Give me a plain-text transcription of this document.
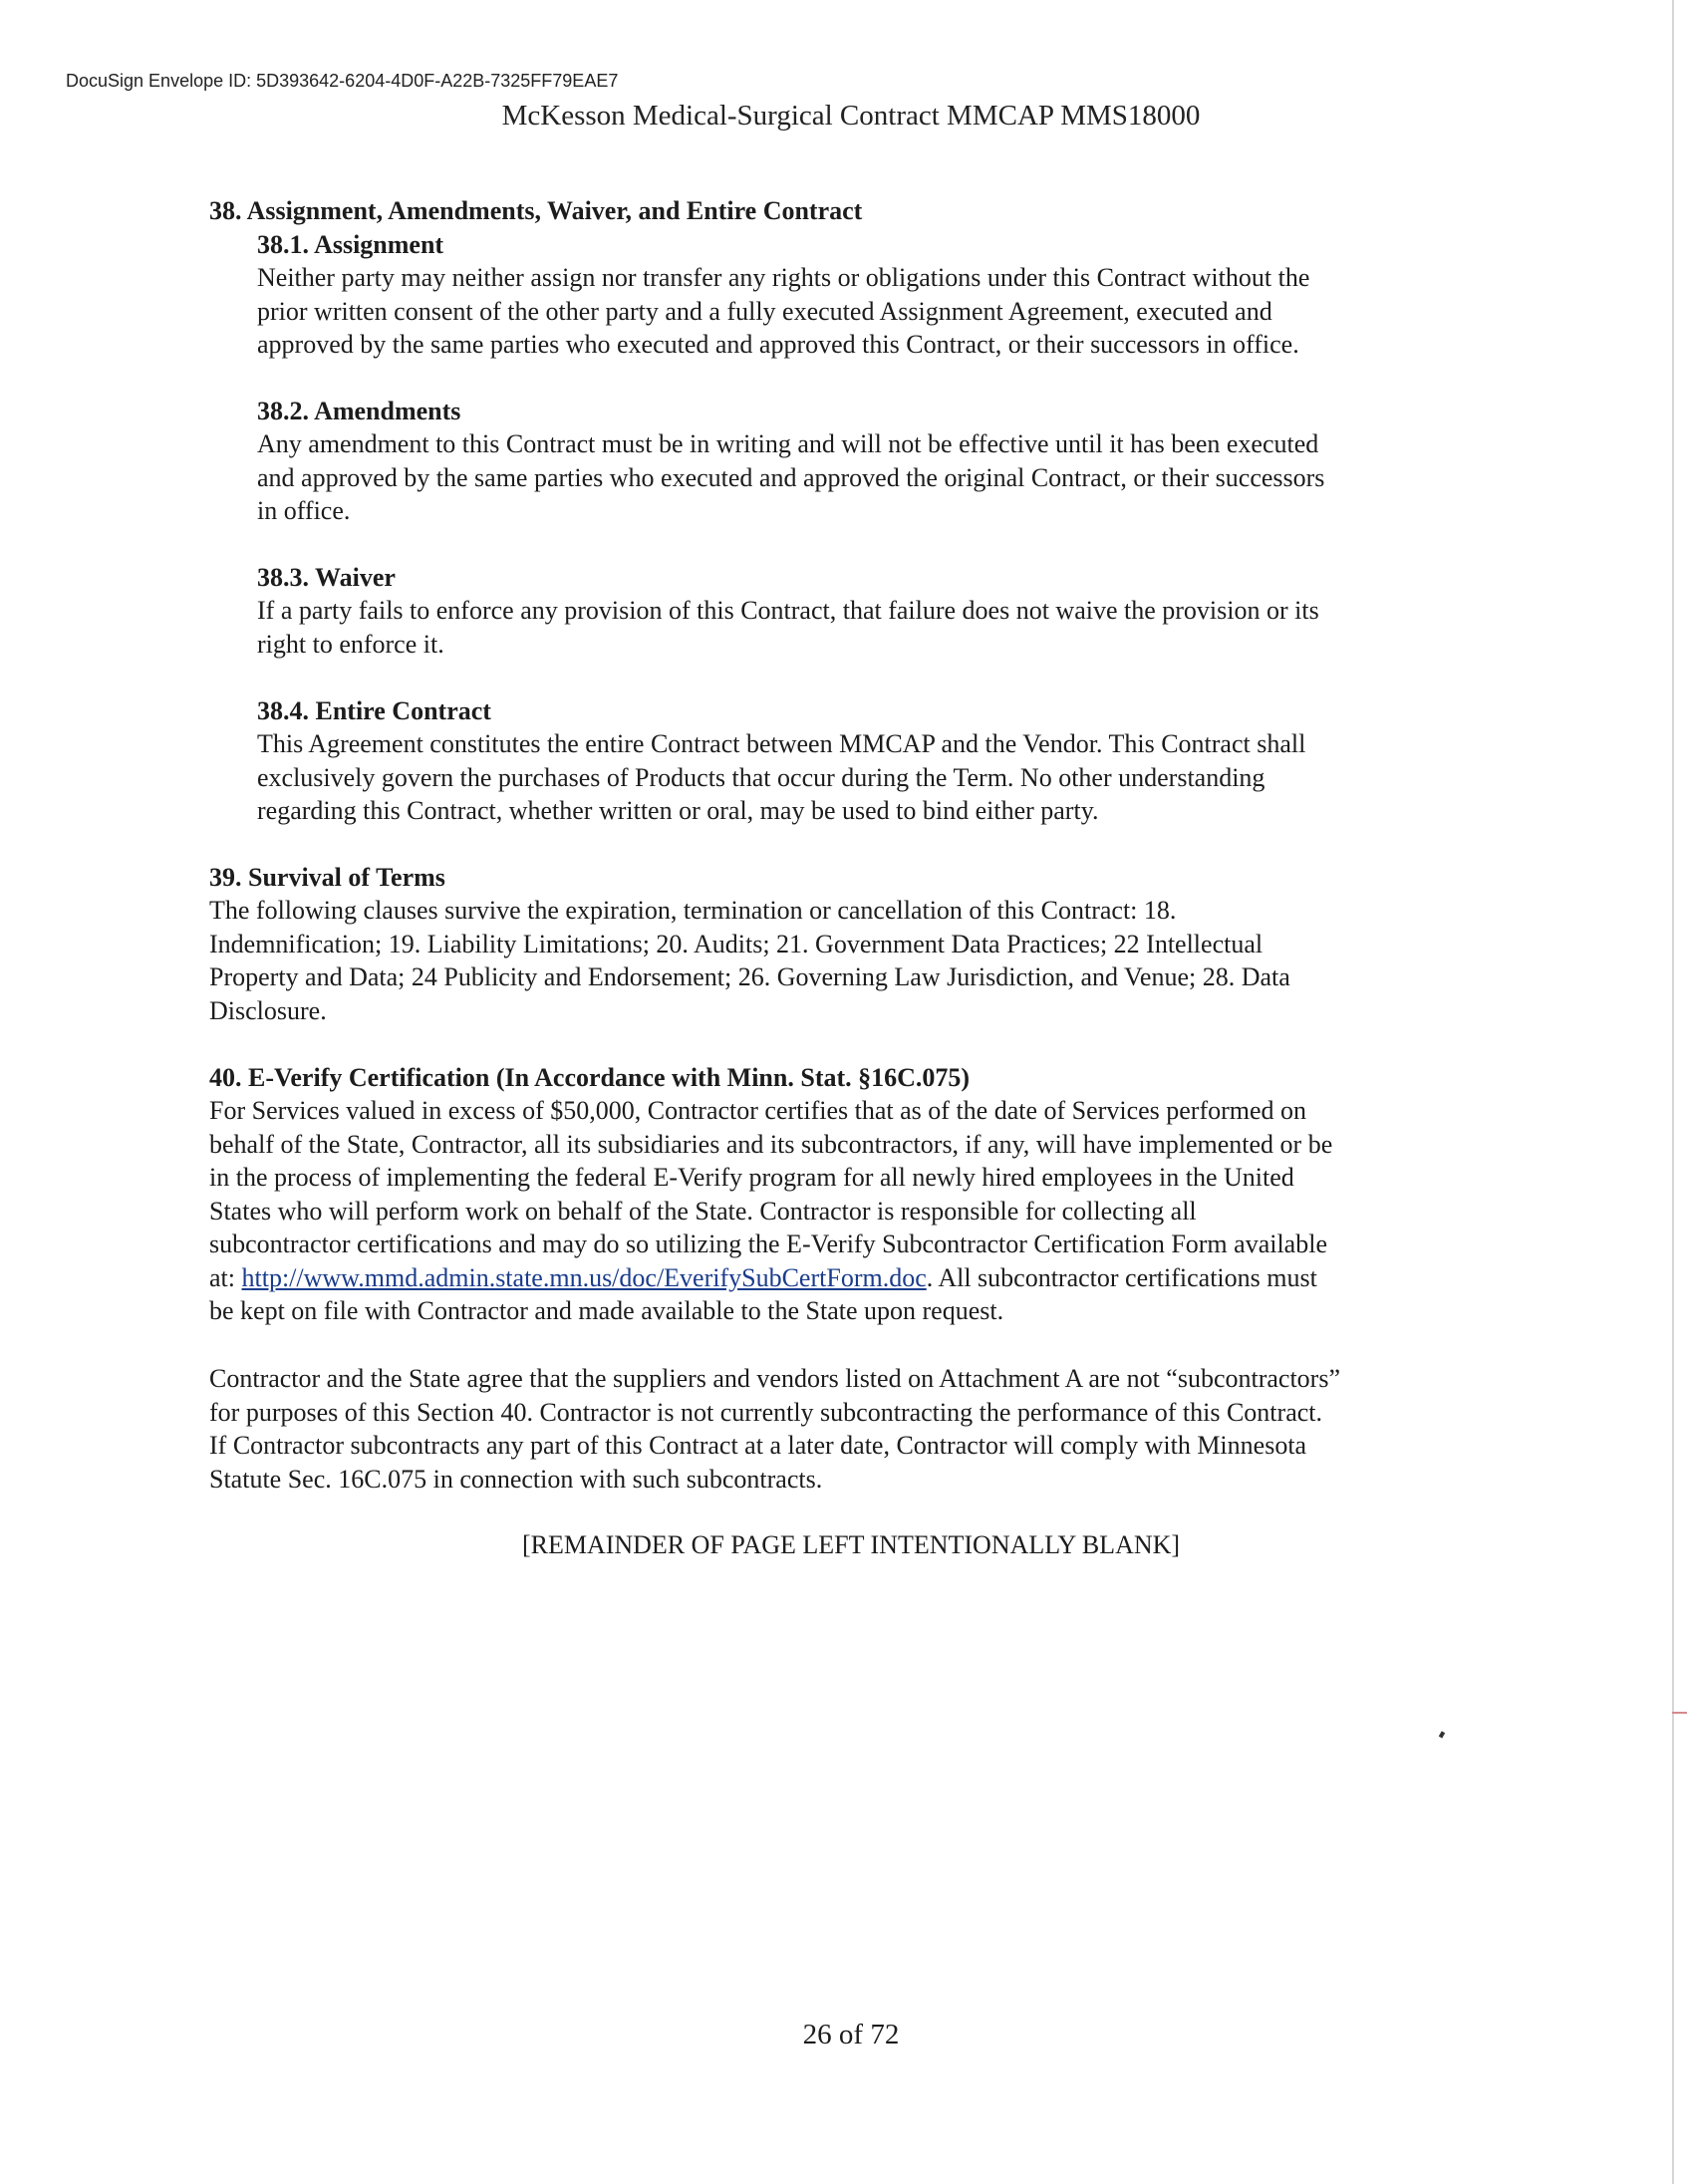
DocuSign Envelope ID: 5D393642-6204-4D0F-A22B-7325FF79EAE7
McKesson Medical-Surgical Contract MMCAP MMS18000
38. Assignment, Amendments, Waiver, and Entire Contract
38.1. Assignment
Neither party may neither assign nor transfer any rights or obligations under this Contract without the
prior written consent of the other party and a fully executed Assignment Agreement, executed and
approved by the same parties who executed and approved this Contract, or their successors in office.
38.2. Amendments
Any amendment to this Contract must be in writing and will not be effective until it has been executed
and approved by the same parties who executed and approved the original Contract, or their successors
in office.
38.3. Waiver
If a party fails to enforce any provision of this Contract, that failure does not waive the provision or its
right to enforce it.
38.4. Entire Contract
This Agreement constitutes the entire Contract between MMCAP and the Vendor. This Contract shall
exclusively govern the purchases of Products that occur during the Term. No other understanding
regarding this Contract, whether written or oral, may be used to bind either party.
39. Survival of Terms
The following clauses survive the expiration, termination or cancellation of this Contract: 18.
Indemnification; 19. Liability Limitations; 20. Audits; 21. Government Data Practices; 22 Intellectual
Property and Data; 24 Publicity and Endorsement; 26. Governing Law Jurisdiction, and Venue; 28. Data
Disclosure.
40. E-Verify Certification (In Accordance with Minn. Stat. §16C.075)
For Services valued in excess of $50,000, Contractor certifies that as of the date of Services performed on
behalf of the State, Contractor, all its subsidiaries and its subcontractors, if any, will have implemented or be
in the process of implementing the federal E-Verify program for all newly hired employees in the United
States who will perform work on behalf of the State. Contractor is responsible for collecting all
subcontractor certifications and may do so utilizing the E-Verify Subcontractor Certification Form available
at: http://www.mmd.admin.state.mn.us/doc/EverifySubCertForm.doc. All subcontractor certifications must
be kept on file with Contractor and made available to the State upon request.
Contractor and the State agree that the suppliers and vendors listed on Attachment A are not “subcontractors”
for purposes of this Section 40. Contractor is not currently subcontracting the performance of this Contract.
If Contractor subcontracts any part of this Contract at a later date, Contractor will comply with Minnesota
Statute Sec. 16C.075 in connection with such subcontracts.
[REMAINDER OF PAGE LEFT INTENTIONALLY BLANK]
26 of 72
